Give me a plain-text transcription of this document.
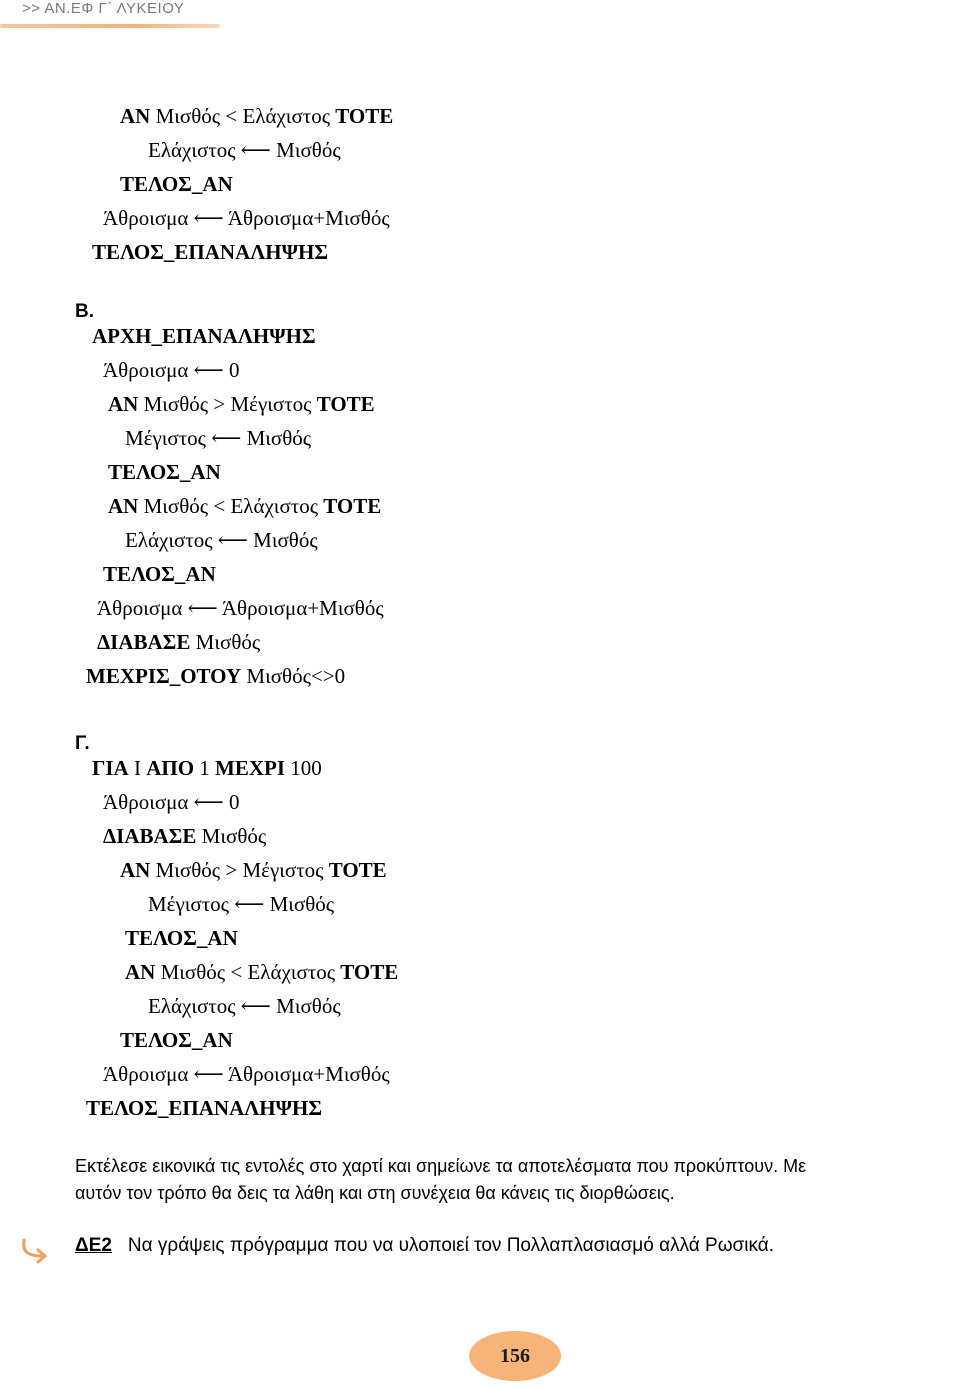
>> ΑΝ.ΕΦ Γ΄ ΛΥΚΕΙΟΥ
ΑΝ Μισθός < Ελάχιστος ΤΟΤΕ
Ελάχιστος ⟵ Μισθός
ΤΕΛΟΣ_ΑΝ
Άθροισμα ⟵ Άθροισμα+Μισθός
ΤΕΛΟΣ_ΕΠΑΝΑΛΗΨΗΣ
Β.
ΑΡΧΗ_ΕΠΑΝΑΛΗΨΗΣ
Άθροισμα ⟵ 0
ΑΝ Μισθός > Μέγιστος ΤΟΤΕ
Μέγιστος ⟵ Μισθός
ΤΕΛΟΣ_ΑΝ
ΑΝ Μισθός < Ελάχιστος ΤΟΤΕ
Ελάχιστος ⟵ Μισθός
ΤΕΛΟΣ_ΑΝ
Άθροισμα ⟵ Άθροισμα+Μισθός
ΔΙΑΒΑΣΕ Μισθός
ΜΕΧΡΙΣ_ΟΤΟΥ Μισθός<>0
Γ.
ΓΙΑ Ι ΑΠΟ 1 ΜΕΧΡΙ 100
Άθροισμα ⟵ 0
ΔΙΑΒΑΣΕ Μισθός
ΑΝ Μισθός > Μέγιστος ΤΟΤΕ
Μέγιστος ⟵ Μισθός
ΤΕΛΟΣ_ΑΝ
ΑΝ Μισθός < Ελάχιστος ΤΟΤΕ
Ελάχιστος ⟵ Μισθός
ΤΕΛΟΣ_ΑΝ
Άθροισμα ⟵ Άθροισμα+Μισθός
ΤΕΛΟΣ_ΕΠΑΝΑΛΗΨΗΣ
Εκτέλεσε εικονικά τις εντολές στο χαρτί και σημείωνε τα αποτελέσματα που προκύπτουν. Με
αυτόν τον τρόπο θα δεις τα λάθη και στη συνέχεια θα κάνεις τις διορθώσεις.
ΔΕ2 Να γράψεις πρόγραμμα που να υλοποιεί τον Πολλαπλασιασμό αλλά Ρωσικά.
156
